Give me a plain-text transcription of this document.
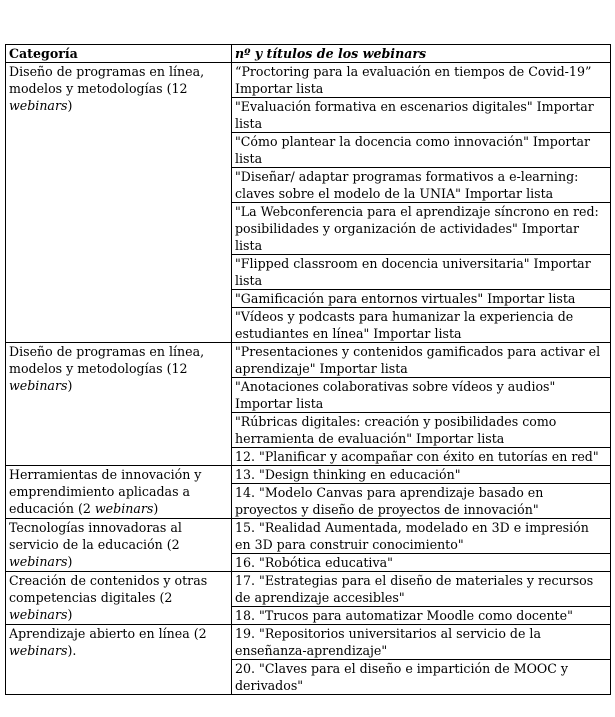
Categoría	nº y títulos de los webinars
Diseño de programas en línea, modelos y metodologías (12 webinars)	“Proctoring para la evaluación en tiempos de Covid-19” Importar lista
	"Evaluación formativa en escenarios digitales" Importar lista
	"Cómo plantear la docencia como innovación" Importar lista
	"Diseñar/ adaptar programas formativos a e-learning: claves sobre el modelo de la UNIA" Importar lista
	"La Webconferencia para el aprendizaje síncrono en red: posibilidades y organización de actividades" Importar lista
	"Flipped classroom en docencia universitaria" Importar lista
	"Gamificación para entornos virtuales" Importar lista
	"Vídeos y podcasts para humanizar la experiencia de estudiantes en línea" Importar lista
Diseño de programas en línea, modelos y metodologías (12 webinars)	"Presentaciones y contenidos gamificados para activar el aprendizaje" Importar lista
	"Anotaciones colaborativas sobre vídeos y audios" Importar lista
	"Rúbricas digitales: creación y posibilidades como herramienta de evaluación" Importar lista
	12. "Planificar y acompañar con éxito en tutorías en red"
Herramientas de innovación y emprendimiento aplicadas a educación (2 webinars)	13. "Design thinking en educación"
	14. "Modelo Canvas para aprendizaje basado en proyectos y diseño de proyectos de innovación"
Tecnologías innovadoras al servicio de la educación (2 webinars)	15. "Realidad Aumentada, modelado en 3D e impresión en 3D para construir conocimiento"
	16. "Robótica educativa"
Creación de contenidos y otras competencias digitales (2 webinars)	17. "Estrategias para el diseño de materiales y recursos de aprendizaje accesibles"
	18. "Trucos para automatizar Moodle como docente"
Aprendizaje abierto en línea (2 webinars).	19. "Repositorios universitarios al servicio de la enseñanza-aprendizaje"
	20. "Claves para el diseño e impartición de MOOC y derivados"
